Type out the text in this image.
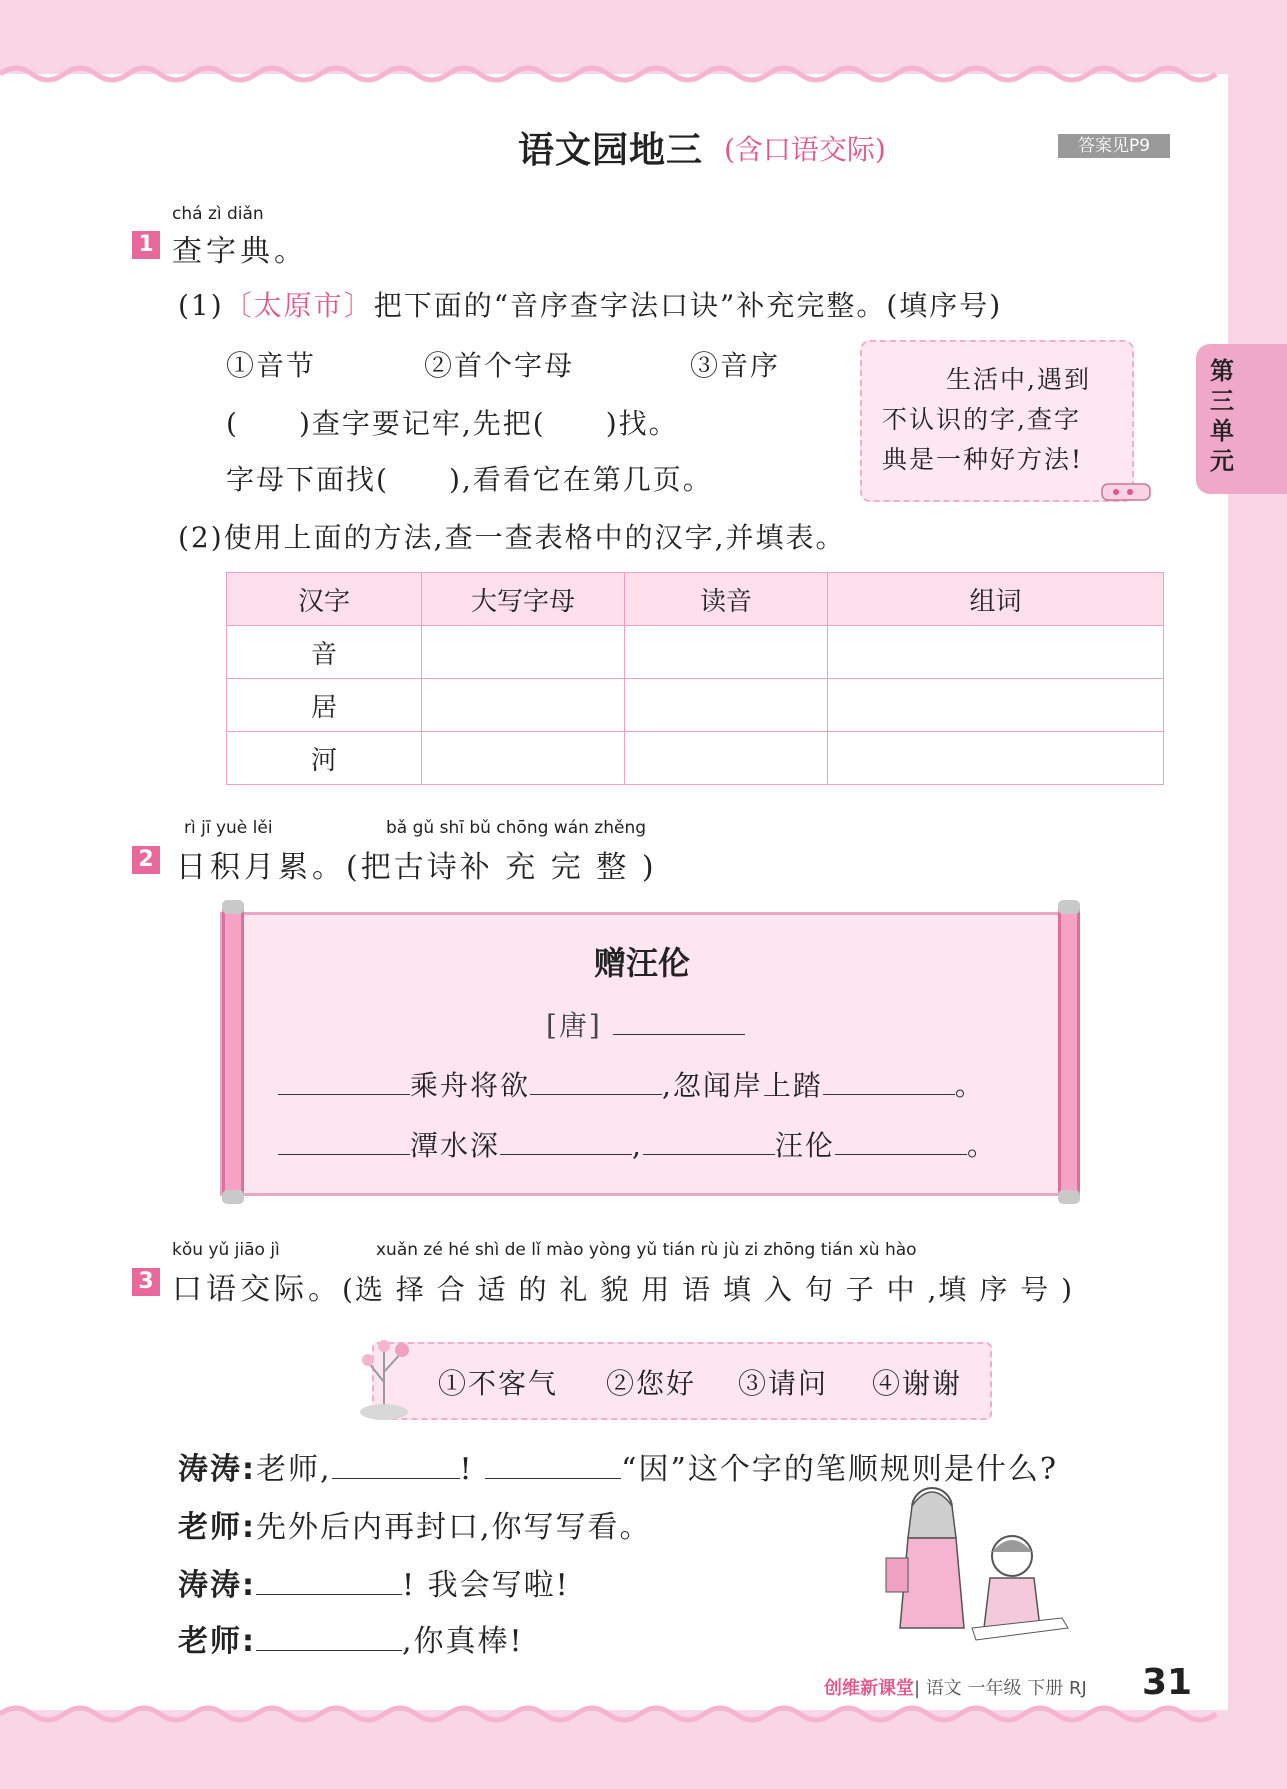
语文园地三 (含口语交际)	答案见P9
第三单元
chá zì diǎn
1 查字典。
(1)〔太原市〕把下面的“音序查字法口诀”补充完整。(填序号)
①音节	②首个字母	③音序
( )查字要记牢,先把( )找。
字母下面找( ),看看它在第几页。
生活中,遇到
不认识的字,查字
典是一种好方法!
(2)使用上面的方法,查一查表格中的汉字,并填表。
汉字	大写字母	读音	组词
音			
居			
河			
rì jī yuè lěi	bǎ gǔ shī bǔ chōng wán zhěng
2 日积月累。(把古诗补 充 完 整 )
赠汪伦
[唐]
乘舟将欲	,忽闻岸上踏	。
潭水深	,	汪伦	。
kǒu yǔ jiāo jì	xuǎn zé hé shì de lǐ mào yòng yǔ tián rù jù zi zhōng tián xù hào
3 口语交际。(选 择 合 适 的 礼 貌 用 语 填 入 句 子 中 ,填 序 号 )
①不客气 ②您好 ③请问 ④谢谢
涛涛:老师,	!	“因”这个字的笔顺规则是什么?
老师:先外后内再封口,你写写看。
涛涛:	! 我会写啦!
老师:	,你真棒!
创维新课堂| 语文 一年级 下册 RJ 31
